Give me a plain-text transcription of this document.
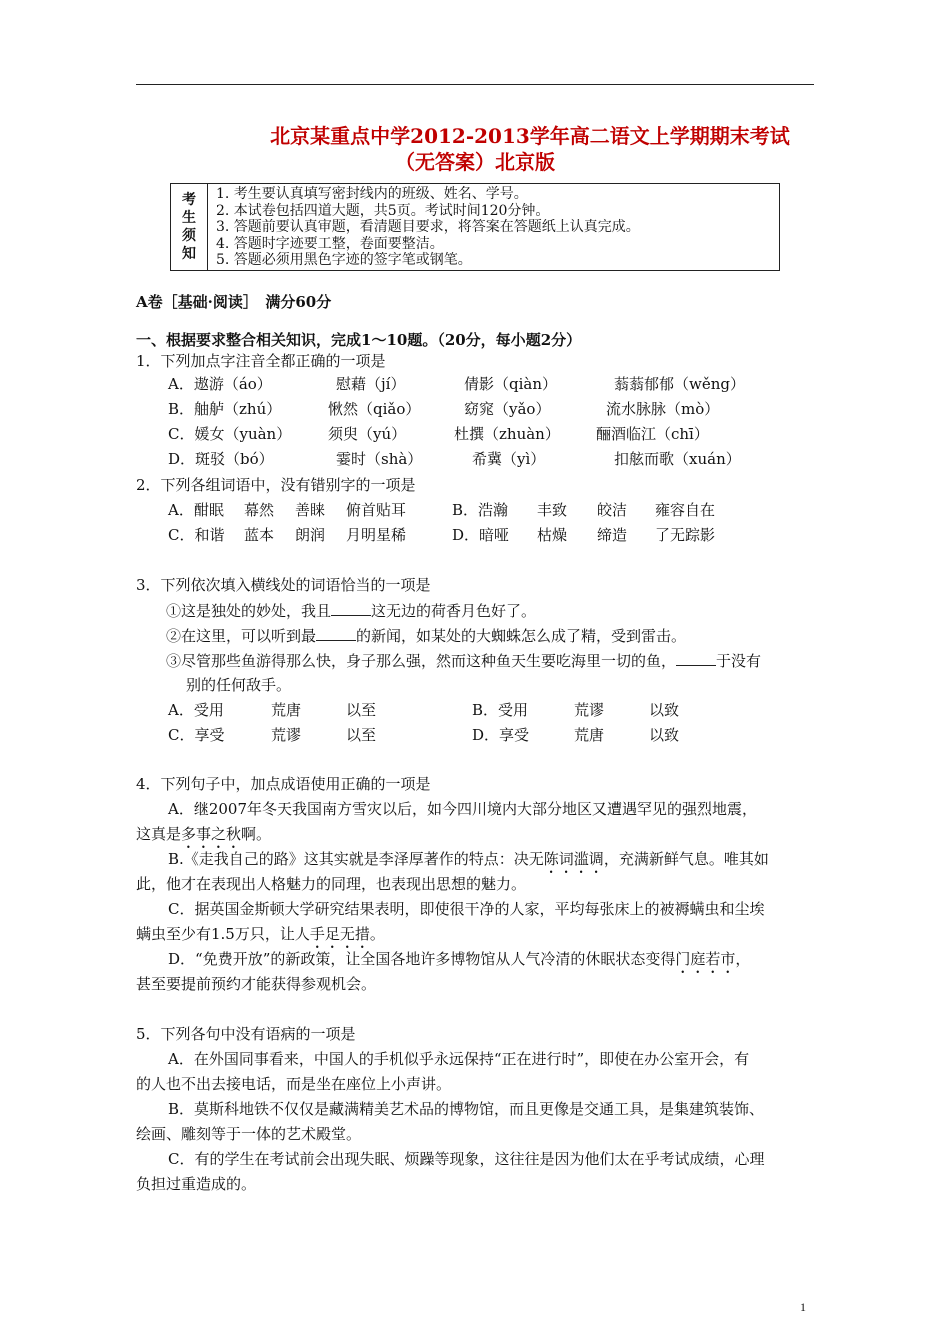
北京某重点中学2012-2013学年高二语文上学期期末考试
（无答案）北京版
考
生
须
知
1. 考生要认真填写密封线内的班级、姓名、学号。
2. 本试卷包括四道大题，共5页。考试时间120分钟。
3. 答题前要认真审题，看清题目要求，将答案在答题纸上认真完成。
4. 答题时字迹要工整，卷面要整洁。
5. 答题必须用黑色字迹的签字笔或钢笔。
A卷［基础·阅读］　满分60分
一、根据要求整合相关知识，完成1～10题。（20分，每小题2分）
1．下列加点字注音全都正确的一项是
A．遨游（áo）	慰藉（jí）	倩影（qiàn）	蓊蓊郁郁（wěng）
B．舳舻（zhú）	愀然（qiǎo）	窈窕（yǎo）	流水脉脉（mò）
C．媛女（yuàn） 须臾（yú）	杜撰（zhuàn） 酾酒临江（chī）
D．斑驳（bó）	霎时（shà）	希冀（yì）	扣舷而歌（xuán）
2．下列各组词语中，没有错别字的一项是
A．酣眠 幕然 善睐 俯首贴耳	B．浩瀚 丰致 皎洁 雍容自在
C．和谐 蓝本 朗润 月明星稀	D．暗哑 枯燥 缔造 了无踪影
3．下列依次填入横线处的词语恰当的一项是
①这是独处的妙处，我且	这无边的荷香月色好了。
②在这里，可以听到最	的新闻，如某处的大蜘蛛怎么成了精，受到雷击。
③尽管那些鱼游得那么快，身子那么强，然而这种鱼天生要吃海里一切的鱼，	于没有
别的任何敌手。
A．受用	荒唐	以至	B．受用	荒谬	以致
C．享受	荒谬	以至	D．享受	荒唐	以致
4．下列句子中，加点成语使用正确的一项是
A．继2007年冬天我国南方雪灾以后，如今四川境内大部分地区又遭遇罕见的强烈地震，
这真是多事之秋啊。
B.《走我自己的路》这其实就是李泽厚著作的特点：决无陈词滥调，充满新鲜气息。唯其如
此，他才在表现出人格魅力的同理，也表现出思想的魅力。
C．据英国金斯顿大学研究结果表明，即使很干净的人家，平均每张床上的被褥螨虫和尘埃
螨虫至少有1.5万只，让人手足无措。
D．“免费开放”的新政策，让全国各地许多博物馆从人气冷清的休眠状态变得门庭若市，
甚至要提前预约才能获得参观机会。
5．下列各句中没有语病的一项是
A．在外国同事看来，中国人的手机似乎永远保持“正在进行时”，即使在办公室开会，有
的人也不出去接电话，而是坐在座位上小声讲。
B．莫斯科地铁不仅仅是藏满精美艺术品的博物馆，而且更像是交通工具，是集建筑装饰、
绘画、雕刻等于一体的艺术殿堂。
C．有的学生在考试前会出现失眠、烦躁等现象，这往往是因为他们太在乎考试成绩，心理
负担过重造成的。
1
